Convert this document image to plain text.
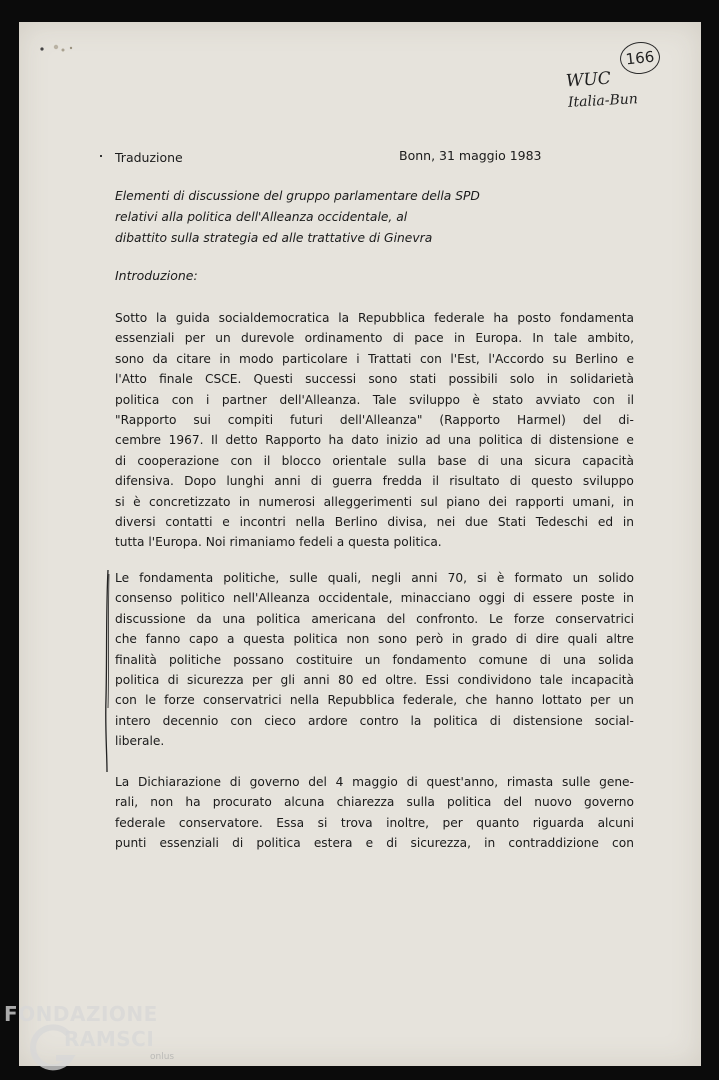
166
WUC
Italia-Bun
Traduzione	Bonn, 31 maggio 1983
Elementi di discussione del gruppo parlamentare della SPD
relativi alla politica dell'Alleanza occidentale, al
dibattito sulla strategia ed alle trattative di Ginevra
Introduzione:
Sotto la guida socialdemocratica la Repubblica federale ha posto fondamenta
essenziali per un durevole ordinamento di pace in Europa. In tale ambito,
sono da citare in modo particolare i Trattati con l'Est, l'Accordo su Berlino e
l'Atto finale CSCE. Questi successi sono stati possibili solo in solidarietà
politica con i partner dell'Alleanza. Tale sviluppo è stato avviato con il
"Rapporto sui compiti futuri dell'Alleanza" (Rapporto Harmel) del di-
cembre 1967. Il detto Rapporto ha dato inizio ad una politica di distensione e
di cooperazione con il blocco orientale sulla base di una sicura capacità
difensiva. Dopo lunghi anni di guerra fredda il risultato di questo sviluppo
si è concretizzato in numerosi alleggerimenti sul piano dei rapporti umani, in
diversi contatti e incontri nella Berlino divisa, nei due Stati Tedeschi ed in
tutta l'Europa. Noi rimaniamo fedeli a questa politica.
Le fondamenta politiche, sulle quali, negli anni 70, si è formato un solido
consenso politico nell'Alleanza occidentale, minacciano oggi di essere poste in
discussione da una politica americana del confronto. Le forze conservatrici
che fanno capo a questa politica non sono però in grado di dire quali altre
finalità politiche possano costituire un fondamento comune di una solida
politica di sicurezza per gli anni 80 ed oltre. Essi condividono tale incapacità
con le forze conservatrici nella Repubblica federale, che hanno lottato per un
intero decennio con cieco ardore contro la politica di distensione social-
liberale.
La Dichiarazione di governo del 4 maggio di quest'anno, rimasta sulle gene-
rali, non ha procurato alcuna chiarezza sulla politica del nuovo governo
federale conservatore. Essa si trova inoltre, per quanto riguarda alcuni
punti essenziali di politica estera e di sicurezza, in contraddizione con
FONDAZIONE
RAMSCI
onlus
